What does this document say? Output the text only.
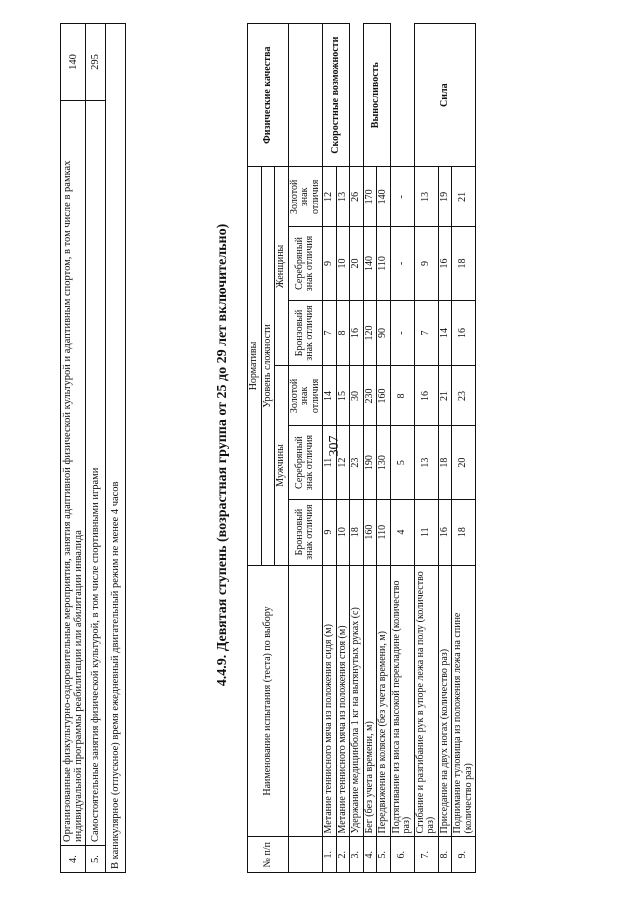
307
4.	Организованные физкультурно-оздоровительные мероприятия, занятия адаптивной физической культурой и адаптивным спортом, в том числе в рамках индивидуальной программы реабилитации или абилитации инвалида	140
5.	Самостоятельные занятия физической культурой, в том числе спортивными играми	295
В каникулярное (отпускное) время ежедневный двигательный режим не менее 4 часов			4.4.9. Девятая ступень (возрастная группа от 25 до 29 лет включительно)
№ п/п	Наименование испытания (теста) по выбору	Нормативы						Физические качества
		Уровень сложности						
		Мужчины			Женщины			
		Бронзовый знак отличия	Серебряный знак отличия	Золотой знак отличия	Бронзовый знак отличия	Серебряный знак отличия	Золотой знак отличия	
1.	Метание теннисного мяча из положения сидя (м)	9	11	14	7	9	12	Скоростные возможности
2.	Метание теннисного мяча из положения стоя (м)	10	12	15	8	10	13	
3.	Удержание медицинбола 1 кг на вытянутых руках (с)	18	23	30	16	20	26	
4.	Бег (без учета времени, м)	160	190	230	120	140	170	Выносливость
5.	Передвижение в коляске (без учета времени, м)	110	130	160	90	110	140	
6.	Подтягивание из виса на высокой перекладине (количество раз)	4	5	8	-	-	-	
7.	Сгибание и разгибание рук в упоре лежа на полу (количество раз)	11	13	16	7	9	13	Сила
8.	Приседание на двух ногах (количество раз)	16	18	21	14	16	19	
9.	Поднимание туловища из положения лежа на спине (количество раз)	18	20	23	16	18	21	
